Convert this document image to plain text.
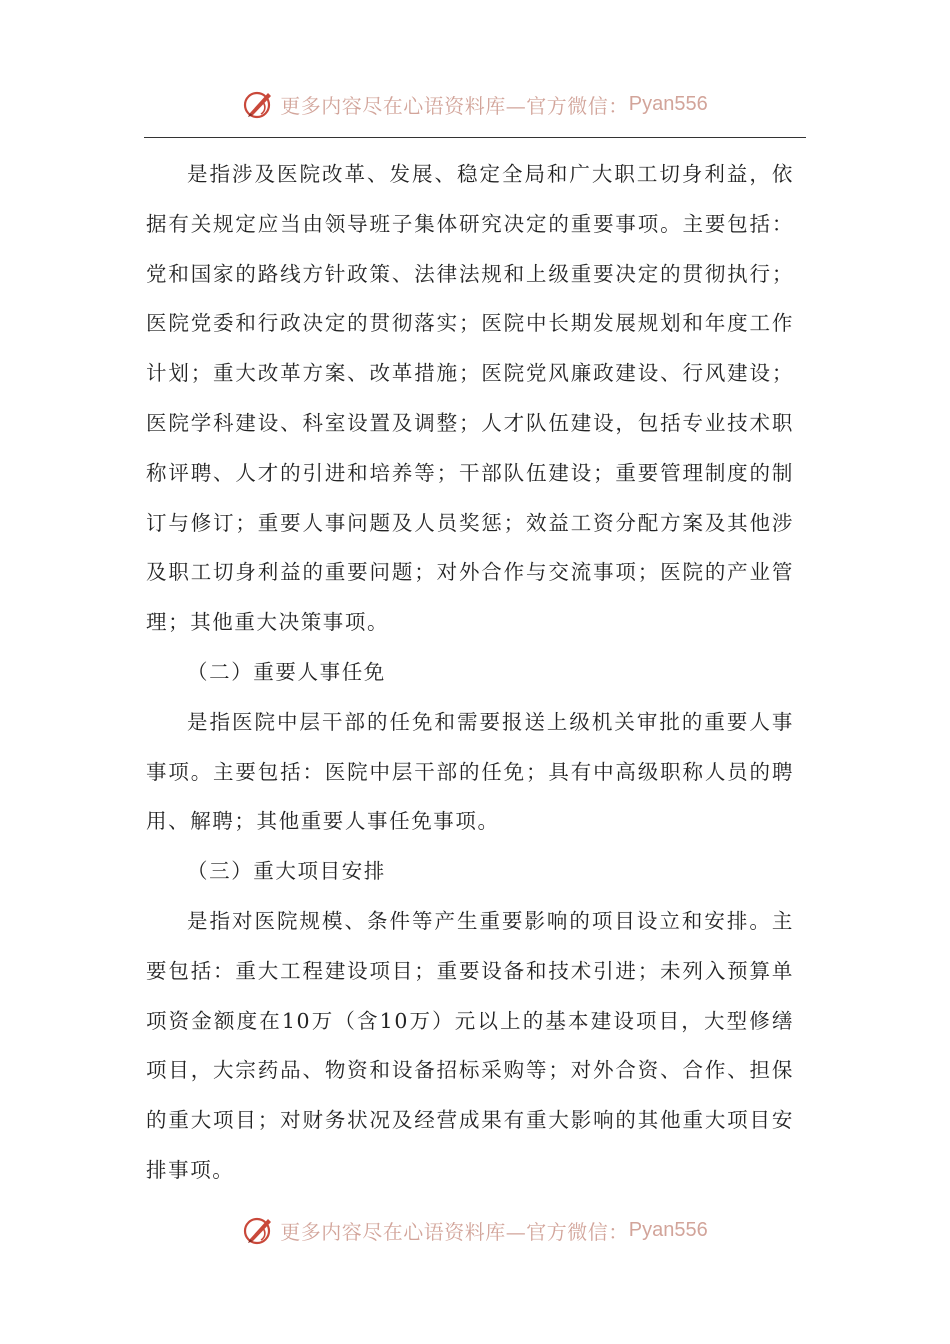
更多内容尽在心语资料库—官方微信： Pyan556

是指涉及医院改革、发展、稳定全局和广大职工切身利益，依据有关规定应当由领导班子集体研究决定的重要事项。主要包括：党和国家的路线方针政策、法律法规和上级重要决定的贯彻执行；医院党委和行政决定的贯彻落实；医院中长期发展规划和年度工作计划；重大改革方案、改革措施；医院党风廉政建设、行风建设；医院学科建设、科室设置及调整；人才队伍建设，包括专业技术职称评聘、人才的引进和培养等；干部队伍建设；重要管理制度的制订与修订；重要人事问题及人员奖惩；效益工资分配方案及其他涉及职工切身利益的重要问题；对外合作与交流事项；医院的产业管理；其他重大决策事项。

（二）重要人事任免

是指医院中层干部的任免和需要报送上级机关审批的重要人事事项。主要包括：医院中层干部的任免；具有中高级职称人员的聘用、解聘；其他重要人事任免事项。

（三）重大项目安排

是指对医院规模、条件等产生重要影响的项目设立和安排。主要包括：重大工程建设项目；重要设备和技术引进；未列入预算单项资金额度在10万（含10万）元以上的基本建设项目，大型修缮项目，大宗药品、物资和设备招标采购等；对外合资、合作、担保的重大项目；对财务状况及经营成果有重大影响的其他重大项目安排事项。

更多内容尽在心语资料库—官方微信： Pyan556
